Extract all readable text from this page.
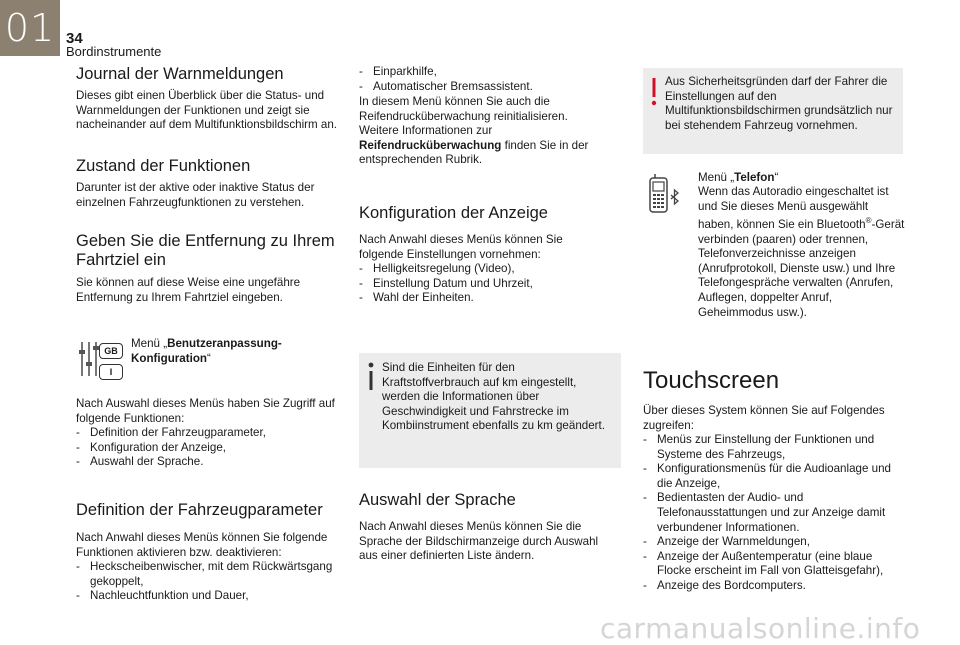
01 34
Bordinstrumente
Journal der Warnmeldungen

Dieses gibt einen Überblick über die Status- und Warnmeldungen der Funktionen und zeigt sie nacheinander auf dem Multifunktionsbildschirm an.

Zustand der Funktionen

Darunter ist der aktive oder inaktive Status der einzelnen Fahrzeugfunktionen zu verstehen.

Geben Sie die Entfernung zu Ihrem Fahrtziel ein

Sie können auf diese Weise eine ungefähre Entfernung zu Ihrem Fahrtziel eingeben.

GB
I

Menü „Benutzeranpassung-Konfiguration“

Nach Auswahl dieses Menüs haben Sie Zugriff auf folgende Funktionen:

- Definition der Fahrzeugparameter,
- Konfiguration der Anzeige,
- Auswahl der Sprache.
Definition der Fahrzeugparameter

Nach Anwahl dieses Menüs können Sie folgende Funktionen aktivieren bzw. deaktivieren:

- Heckscheibenwischer, mit dem Rückwärtsgang gekoppelt,
- Nachleuchtfunktion und Dauer,
- Einparkhilfe,
- Automatischer Bremsassistent.

In diesem Menü können Sie auch die Reifendrucküberwachung reinitialisieren. Weitere Informationen zur Reifendrucküberwachung finden Sie in der entsprechenden Rubrik.

Konfiguration der Anzeige

Nach Anwahl dieses Menüs können Sie folgende Einstellungen vornehmen:

- Helligkeitsregelung (Video),
- Einstellung Datum und Uhrzeit,
- Wahl der Einheiten.
Auswahl der Sprache

Nach Anwahl dieses Menüs können Sie die Sprache der Bildschirmanzeige durch Auswahl aus einer definierten Liste ändern.

Sind die Einheiten für den Kraftstoffverbrauch auf km eingestellt, werden die Informationen über Geschwindigkeit und Fahrstrecke im Kombiinstrument ebenfalls zu km geändert.

Menü „Telefon“

Wenn das Autoradio eingeschaltet ist und Sie dieses Menü ausgewählt haben, können Sie ein Bluetooth®-Gerät verbinden (paaren) oder trennen, Telefonverzeichnisse anzeigen (Anrufprotokoll, Dienste usw.) und Ihre Telefongespräche verwalten (Anrufen, Auflegen, doppelter Anruf, Geheimmodus usw.).

Touchscreen

Über dieses System können Sie auf Folgendes zugreifen:

- Menüs zur Einstellung der Funktionen und Systeme des Fahrzeugs,
- Konfigurationsmenüs für die Audioanlage und die Anzeige,
- Bedientasten der Audio- und Telefonausstattungen und zur Anzeige damit verbundener Informationen.
- Anzeige der Warnmeldungen,
- Anzeige der Außentemperatur (eine blaue Flocke erscheint im Fall von Glatteisgefahr),
- Anzeige des Bordcomputers.
Aus Sicherheitsgründen darf der Fahrer die Einstellungen auf den Multifunktionsbildschirmen grundsätzlich nur bei stehendem Fahrzeug vornehmen.
carmanualsonline.info
